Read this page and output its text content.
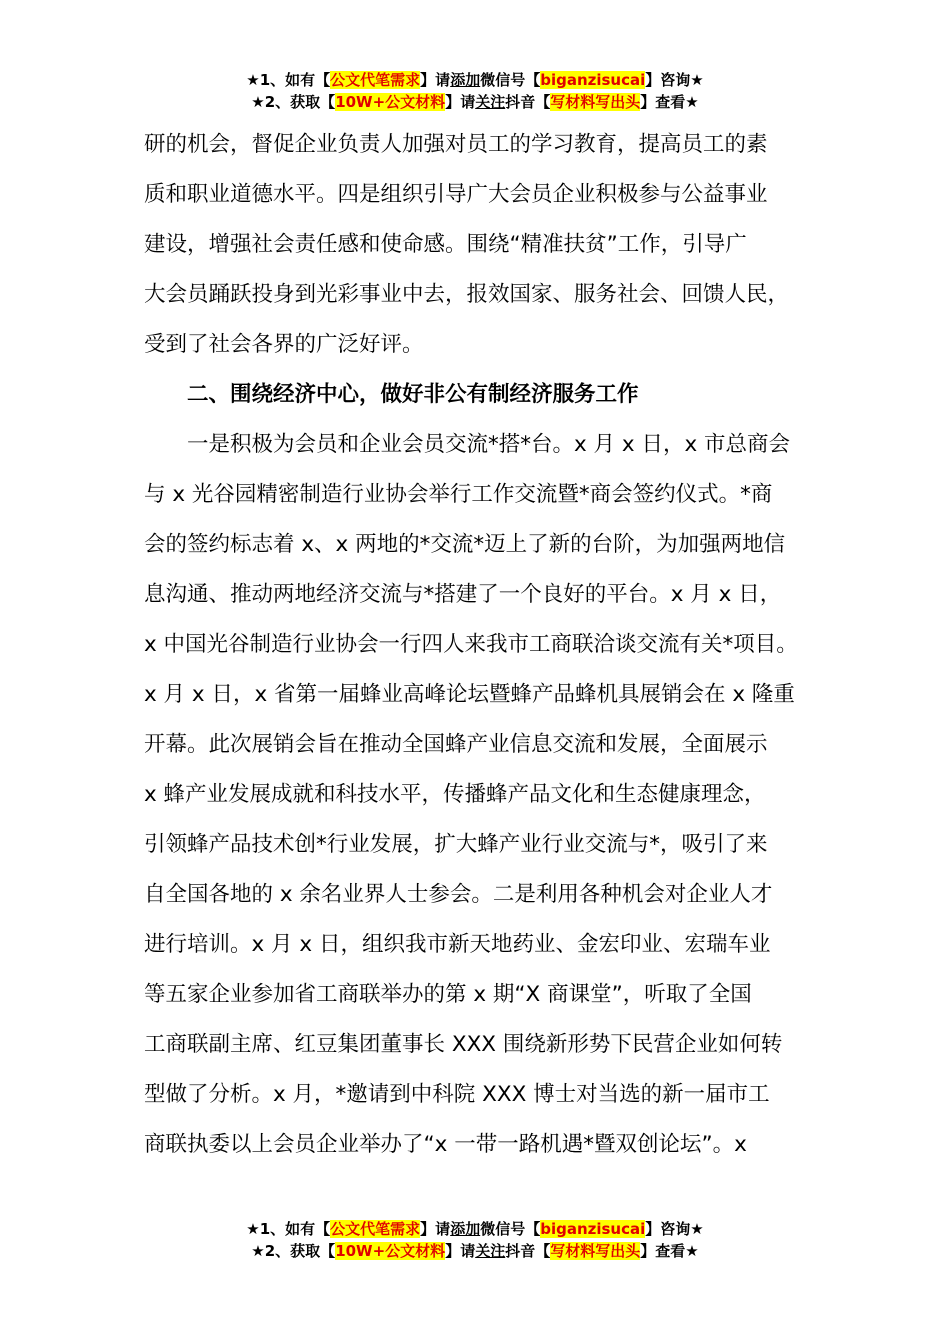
★1、如有【公文代笔需求】请添加微信号【biganzisucai】咨询★
★2、获取【10W+公文材料】请关注抖音【写材料写出头】查看★
研的机会，督促企业负责人加强对员工的学习教育，提高员工的素
质和职业道德水平。四是组织引导广大会员企业积极参与公益事业
建设，增强社会责任感和使命感。围绕“精准扶贫”工作，引导广
大会员踊跃投身到光彩事业中去，报效国家、服务社会、回馈人民，
受到了社会各界的广泛好评。
　　二、围绕经济中心，做好非公有制经济服务工作
　　一是积极为会员和企业会员交流*搭*台。x 月 x 日，x 市总商会
与 x 光谷园精密制造行业协会举行工作交流暨*商会签约仪式。*商
会的签约标志着 x、x 两地的*交流*迈上了新的台阶，为加强两地信
息沟通、推动两地经济交流与*搭建了一个良好的平台。x 月 x 日，
x 中国光谷制造行业协会一行四人来我市工商联洽谈交流有关*项目。
x 月 x 日，x 省第一届蜂业高峰论坛暨蜂产品蜂机具展销会在 x 隆重
开幕。此次展销会旨在推动全国蜂产业信息交流和发展，全面展示
x 蜂产业发展成就和科技水平，传播蜂产品文化和生态健康理念，
引领蜂产品技术创*行业发展，扩大蜂产业行业交流与*，吸引了来
自全国各地的 x 余名业界人士参会。二是利用各种机会对企业人才
进行培训。x 月 x 日，组织我市新天地药业、金宏印业、宏瑞车业
等五家企业参加省工商联举办的第 x 期“X 商课堂”，听取了全国
工商联副主席、红豆集团董事长 XXX 围绕新形势下民营企业如何转
型做了分析。x 月，*邀请到中科院 XXX 博士对当选的新一届市工
商联执委以上会员企业举办了“x 一带一路机遇*暨双创论坛”。x
★1、如有【公文代笔需求】请添加微信号【biganzisucai】咨询★
★2、获取【10W+公文材料】请关注抖音【写材料写出头】查看★
